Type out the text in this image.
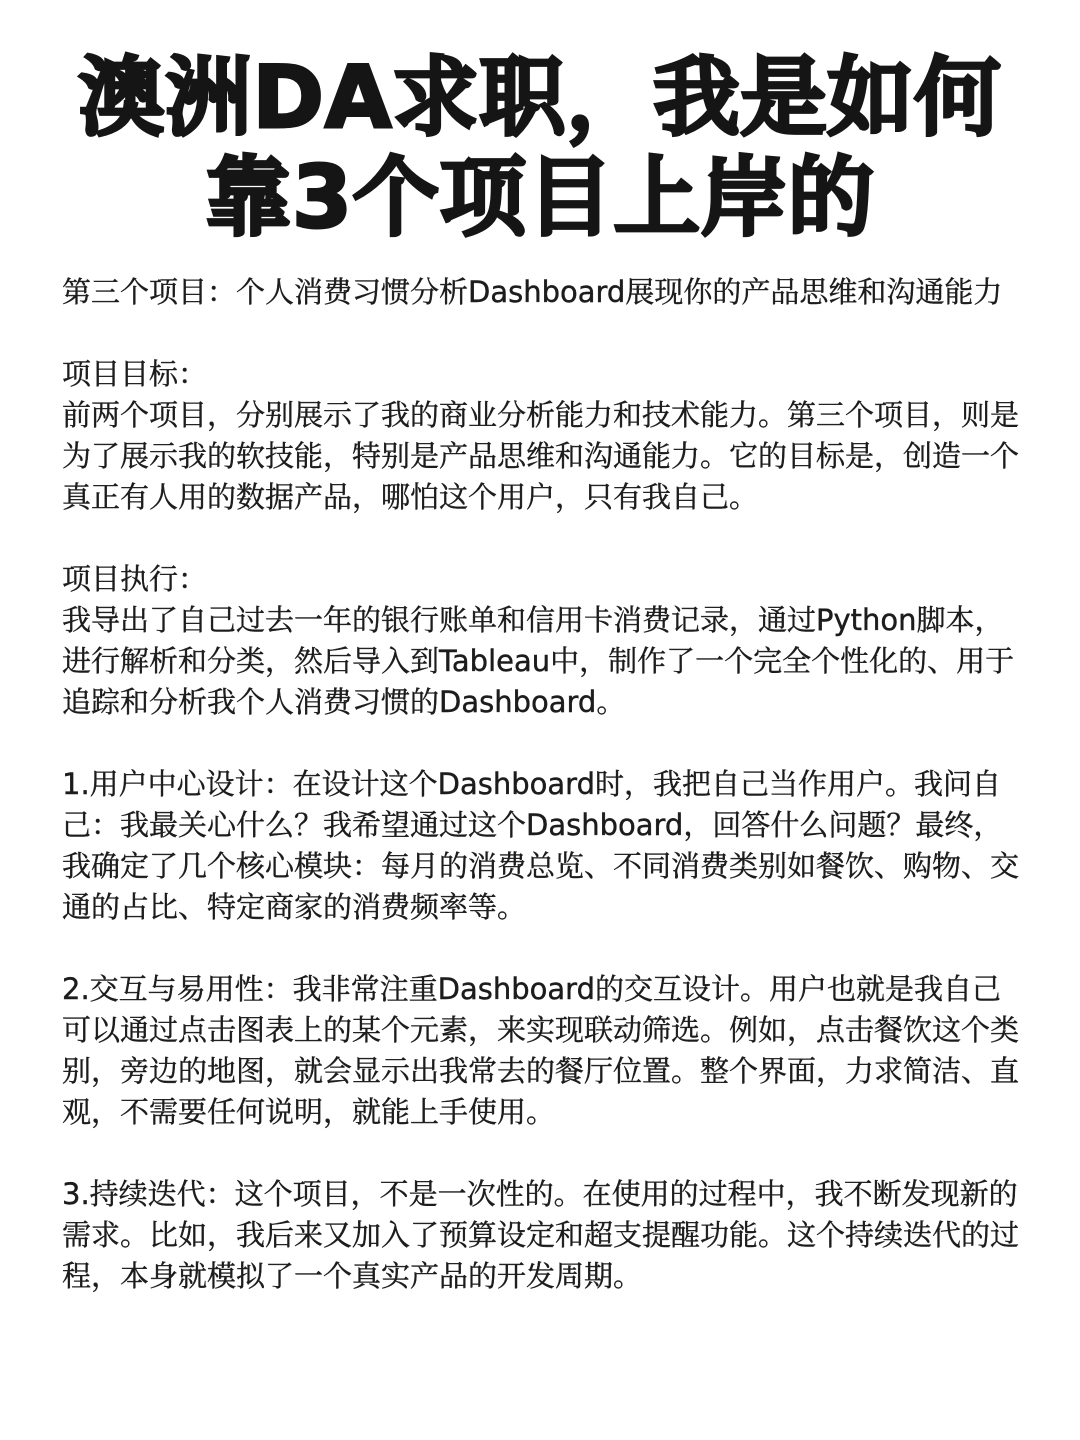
澳洲DA求职，我是如何
靠3个项目上岸的

第三个项目：个人消费习惯分析Dashboard展现你的产品思维和沟通能力

项目目标：

前两个项目，分别展示了我的商业分析能力和技术能力。第三个项目，则是为了展示我的软技能，特别是产品思维和沟通能力。它的目标是，创造一个真正有人用的数据产品，哪怕这个用户，只有我自己。

项目执行：

我导出了自己过去一年的银行账单和信用卡消费记录，通过Python脚本，进行解析和分类，然后导入到Tableau中，制作了一个完全个性化的、用于追踪和分析我个人消费习惯的Dashboard。

1.用户中心设计：在设计这个Dashboard时，我把自己当作用户。我问自己：我最关心什么？我希望通过这个Dashboard，回答什么问题？最终，我确定了几个核心模块：每月的消费总览、不同消费类别如餐饮、购物、交通的占比、特定商家的消费频率等。

2.交互与易用性：我非常注重Dashboard的交互设计。用户也就是我自己可以通过点击图表上的某个元素，来实现联动筛选。例如，点击餐饮这个类别，旁边的地图，就会显示出我常去的餐厅位置。整个界面，力求简洁、直观，不需要任何说明，就能上手使用。

3.持续迭代：这个项目，不是一次性的。在使用的过程中，我不断发现新的需求。比如，我后来又加入了预算设定和超支提醒功能。这个持续迭代的过程，本身就模拟了一个真实产品的开发周期。
